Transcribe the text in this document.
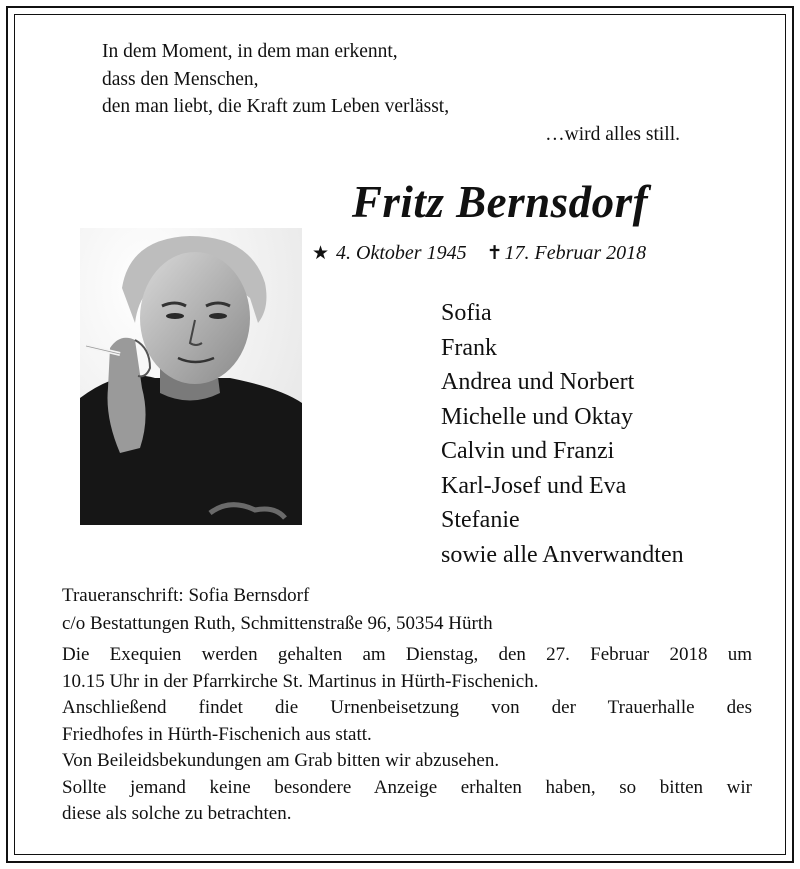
In dem Moment, in dem man erkennt,
dass den Menschen,
den man liebt, die Kraft zum Leben verlässt,
…wird alles still.
Fritz Bernsdorf
★ 4. Oktober 1945 ✝ 17. Februar 2018
Sofia
Frank
Andrea und Norbert
Michelle und Oktay
Calvin und Franzi
Karl-Josef und Eva
Stefanie
sowie alle Anverwandten
Traueranschrift: Sofia Bernsdorf
c/o Bestattungen Ruth, Schmittenstraße 96, 50354 Hürth
Die Exequien werden gehalten am Dienstag, den 27. Februar 2018 um
10.15 Uhr in der Pfarrkirche St. Martinus in Hürth-Fischenich.
Anschließend findet die Urnenbeisetzung von der Trauerhalle des
Friedhofes in Hürth-Fischenich aus statt.
Von Beileidsbekundungen am Grab bitten wir abzusehen.
Sollte jemand keine besondere Anzeige erhalten haben, so bitten wir
diese als solche zu betrachten.
